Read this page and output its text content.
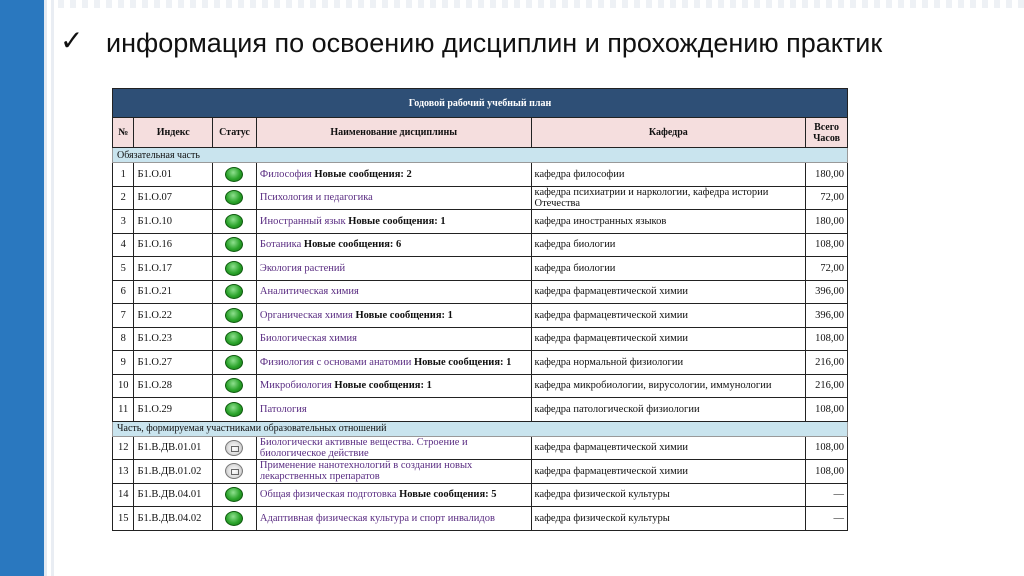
✓ информация по освоению дисциплин и прохождению практик
Годовой рабочий учебный план					
№	Индекс	Статус	Наименование дисциплины	Кафедра	Всего Часов
Обязательная часть					
1	Б1.О.01		Философия Новые сообщения: 2	кафедра философии	180,00
2	Б1.О.07		Психология и педагогика	кафедра психиатрии и наркологии, кафедра истории Отечества	72,00
3	Б1.О.10		Иностранный язык Новые сообщения: 1	кафедра иностранных языков	180,00
4	Б1.О.16		Ботаника Новые сообщения: 6	кафедра биологии	108,00
5	Б1.О.17		Экология растений	кафедра биологии	72,00
6	Б1.О.21		Аналитическая химия	кафедра фармацевтической химии	396,00
7	Б1.О.22		Органическая химия Новые сообщения: 1	кафедра фармацевтической химии	396,00
8	Б1.О.23		Биологическая химия	кафедра фармацевтической химии	108,00
9	Б1.О.27		Физиология с основами анатомии Новые сообщения: 1	кафедра нормальной физиологии	216,00
10	Б1.О.28		Микробиология Новые сообщения: 1	кафедра микробиологии, вирусологии, иммунологии	216,00
11	Б1.О.29		Патология	кафедра патологической физиологии	108,00
Часть, формируемая участниками образовательных отношений					
12	Б1.В.ДВ.01.01		Биологически активные вещества. Строение и биологическое действие	кафедра фармацевтической химии	108,00
13	Б1.В.ДВ.01.02		Применение нанотехнологий в создании новых лекарственных препаратов	кафедра фармацевтической химии	108,00
14	Б1.В.ДВ.04.01		Общая физическая подготовка Новые сообщения: 5	кафедра физической культуры	—
15	Б1.В.ДВ.04.02		Адаптивная физическая культура и спорт инвалидов	кафедра физической культуры	—
